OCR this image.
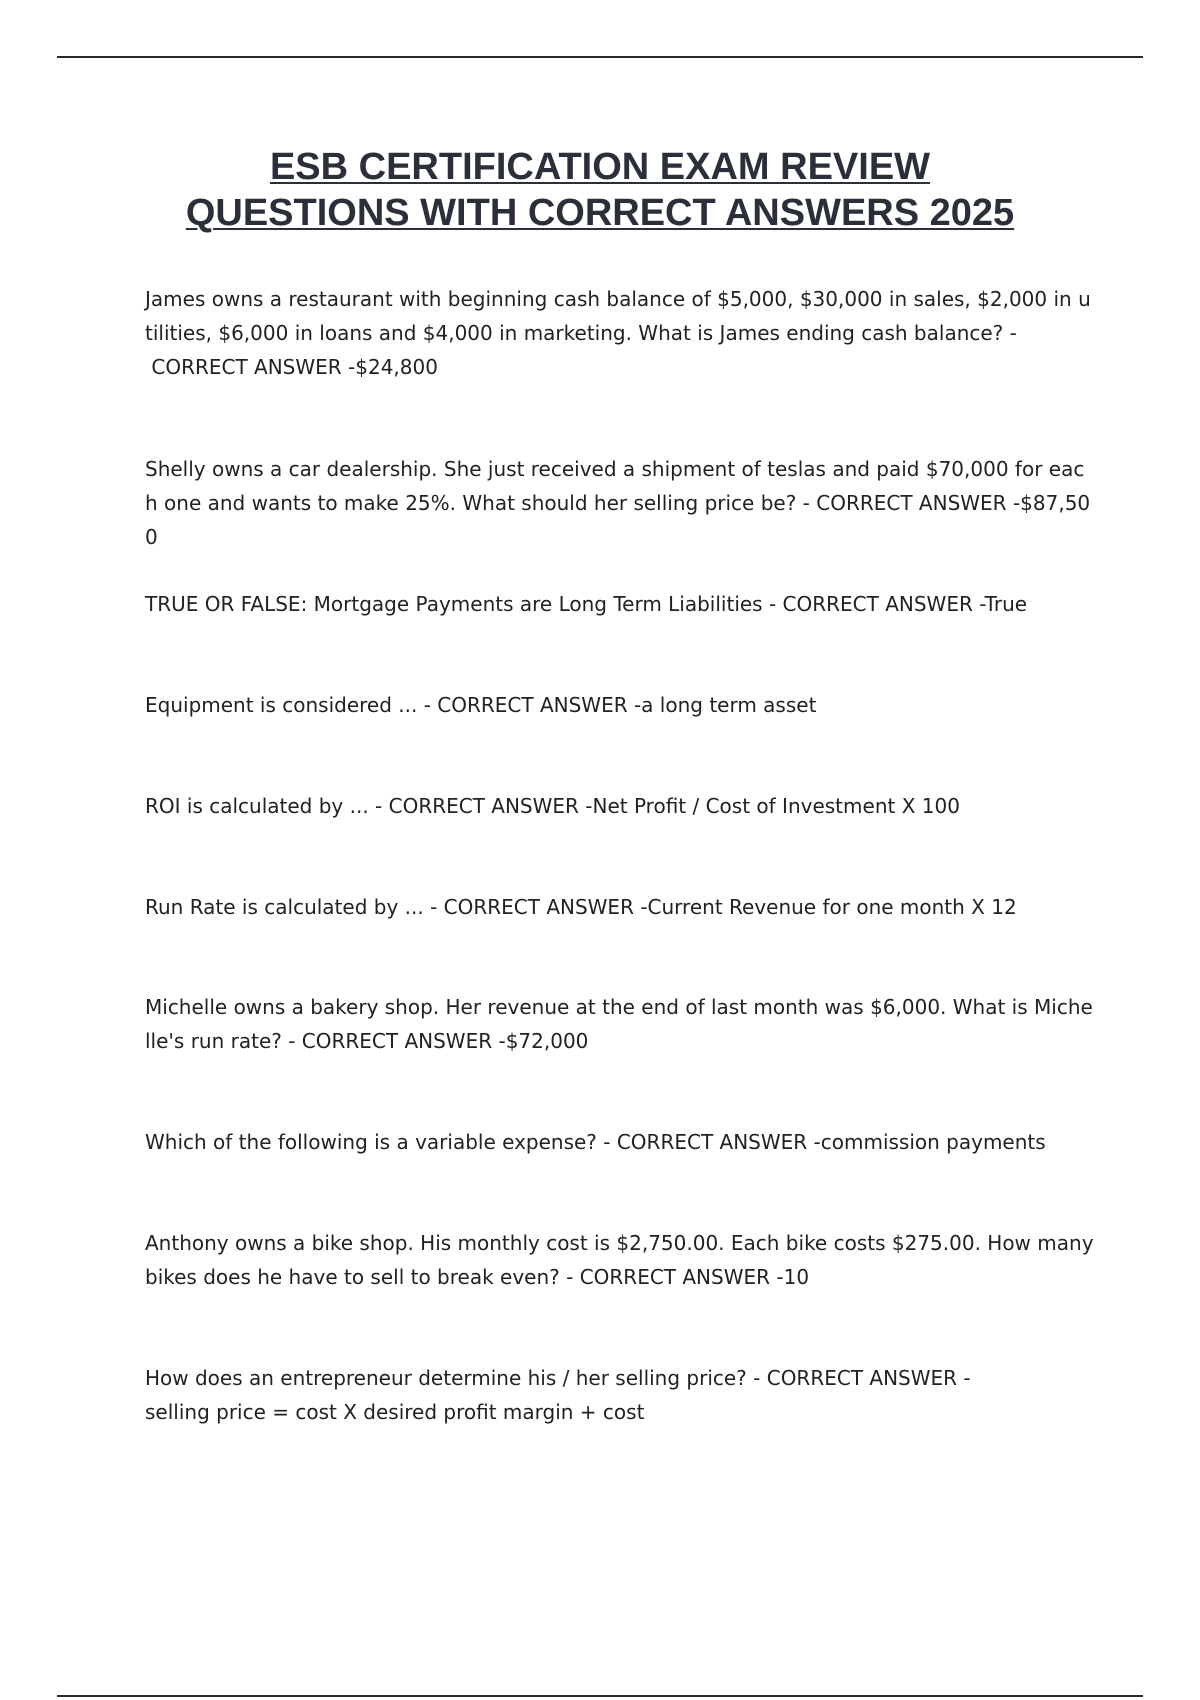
ESB CERTIFICATION EXAM REVIEW
QUESTIONS WITH CORRECT ANSWERS 2025
James owns a restaurant with beginning cash balance of $5,000, $30,000 in sales, $2,000 in utilities, $6,000 in loans and $4,000 in marketing. What is James ending cash balance? -
CORRECT ANSWER -$24,800
Shelly owns a car dealership. She just received a shipment of teslas and paid $70,000 for each one and wants to make 25%. What should her selling price be? - CORRECT ANSWER -$87,500
TRUE OR FALSE: Mortgage Payments are Long Term Liabilities - CORRECT ANSWER -True
Equipment is considered ... - CORRECT ANSWER -a long term asset
ROI is calculated by ... - CORRECT ANSWER -Net Profit / Cost of Investment X 100
Run Rate is calculated by ... - CORRECT ANSWER -Current Revenue for one month X 12
Michelle owns a bakery shop. Her revenue at the end of last month was $6,000. What is Michelle's run rate? - CORRECT ANSWER -$72,000
Which of the following is a variable expense? - CORRECT ANSWER -commission payments
Anthony owns a bike shop. His monthly cost is $2,750.00. Each bike costs $275.00. How many bikes does he have to sell to break even? - CORRECT ANSWER -10
How does an entrepreneur determine his / her selling price? - CORRECT ANSWER -
selling price = cost X desired profit margin + cost
